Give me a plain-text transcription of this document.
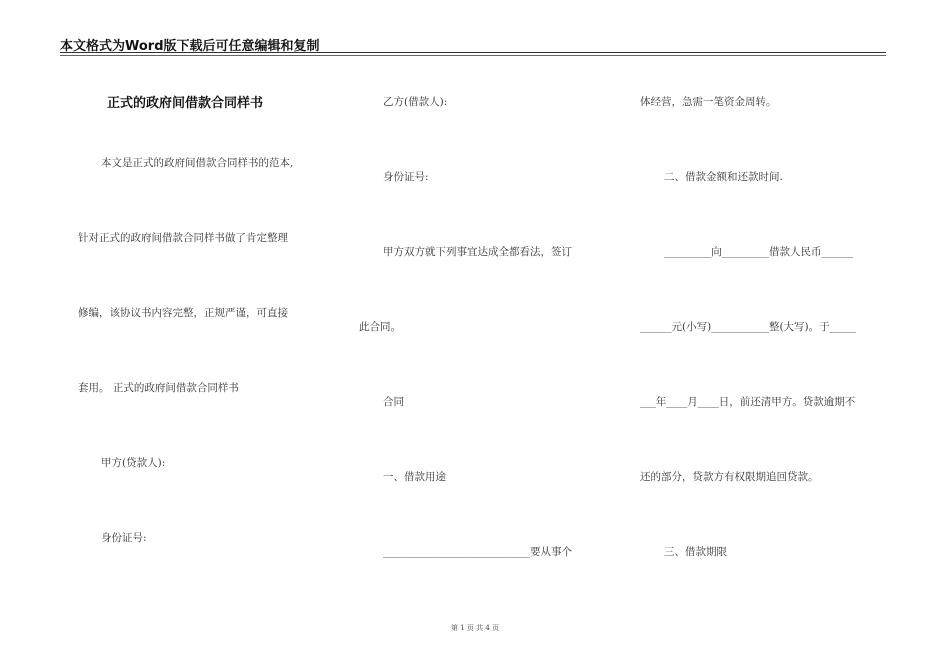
本文格式为Word版下载后可任意编辑和复制
正式的政府间借款合同样书
本文是正式的政府间借款合同样书的范本,
针对正式的政府间借款合同样书做了肯定整理
修编，该协议书内容完整，正规严谨，可直接
套用。 正式的政府间借款合同样书
甲方(贷款人):
身份证号:
乙方(借款人):
身份证号:
甲方双方就下列事宜达成全都看法，签订
此合同。
合同
一、借款用途
____________________________要从事个
体经营，急需一笔资金周转。
二、借款金额和还款时间.
_________向_________借款人民币______
______元(小写)___________整(大写)。于_____
___年____月____日，前还清甲方。贷款逾期不
还的部分，贷款方有权限期追回贷款。
三、借款期限
第 1 页 共 4 页
